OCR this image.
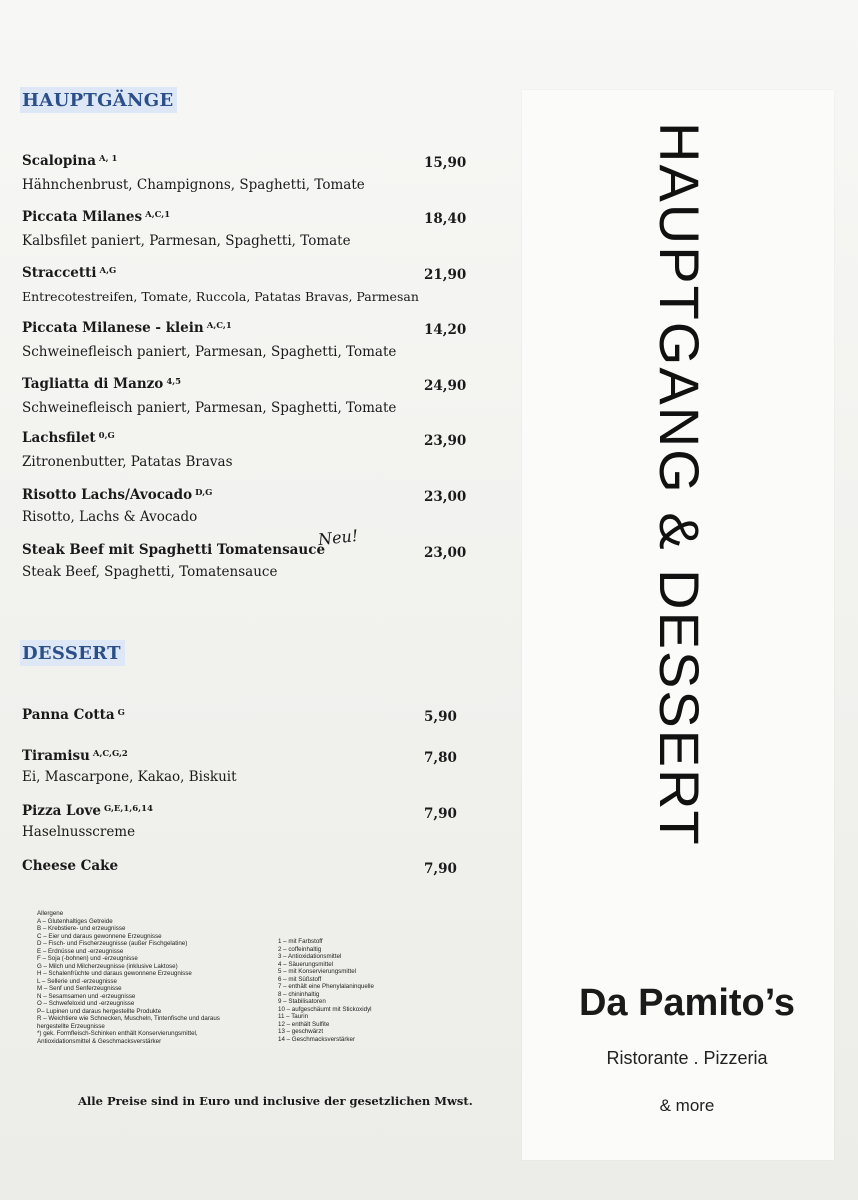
HAUPTGÄNGE
Scalopina $^{A, 1}$
Hähnchenbrust, Champignons, Spaghetti, Tomate
15,90
Piccata Milanes $^{A,C,1}$
Kalbsfilet paniert, Parmesan, Spaghetti, Tomate
18,40
Straccetti $^{A,G}$
Entrecotestreifen, Tomate, Ruccola, Patatas Bravas, Parmesan
21,90
Piccata Milanese - klein $^{A,C,1}$
Schweinefleisch paniert, Parmesan, Spaghetti, Tomate
14,20
Tagliatta di Manzo $^{4,5}$
Schweinefleisch paniert, Parmesan, Spaghetti, Tomate
24,90
Lachsfilet $^{0,G}$
Zitronenbutter, Patatas Bravas
23,90
Risotto Lachs/Avocado $^{D,G}$
Risotto, Lachs & Avocado
23,00
Steak Beef mit Spaghetti Tomatensauce
Steak Beef, Spaghetti, Tomatensauce
23,00
Neu!
DESSERT
Panna Cotta $^G$	5,90
Tiramisu $^{A,C,G,2}$
Ei, Mascarpone, Kakao, Biskuit
7,80
Pizza Love $^{G,E,1,6,14}$
Haselnusscreme
7,90
Cheese Cake	7,90
Allergene
A – Glutenhaltiges Getreide
B – Krebstiere- und erzeugnisse
C – Eier und daraus gewonnene Erzeugnisse
D – Fisch- und Fischerzeugnisse (außer Fischgelatine)
E – Erdnüsse und -erzeugnisse
F – Soja (-bohnen) und -erzeugnisse
G – Milch und Milcherzeugnisse (inklusive Laktose)
H – Schalenfrüchte und daraus gewonnene Erzeugnisse
L – Sellerie und -erzeugnisse
M – Senf und Senferzeugnisse
N – Sesamsamen und -erzeugnisse
O – Schwefeloxid und -erzeugnisse
P– Lupinen und daraus hergestellte Produkte
R – Weichtiere wie Schnecken, Muscheln, Tintenfische und daraus
hergestellte Erzeugnisse
*) gek. Formfleisch-Schinken enthält Konservierungsmittel,
Antioxidationsmittel & Geschmacksverstärker
1 – mit Farbstoff
2 – coffeinhaltig
3 – Antioxidationsmittel
4 – Säuerungsmittel
5 – mit Konservierungsmittel
6 – mit Süßstoff
7 – enthält eine Phenylalaninquelle
8 – chininhaltig
9 – Stabilisatoren
10 – aufgeschäumt mit Stickoxidyl
11 – Taurin
12 – enthält Sulfite
13 – geschwärzt
14 – Geschmacksverstärker
Alle Preise sind in Euro und inclusive der gesetzlichen Mwst.
HAUPTGANG & DESSERT
Da Pamito’s
Ristorante . Pizzeria
& more
